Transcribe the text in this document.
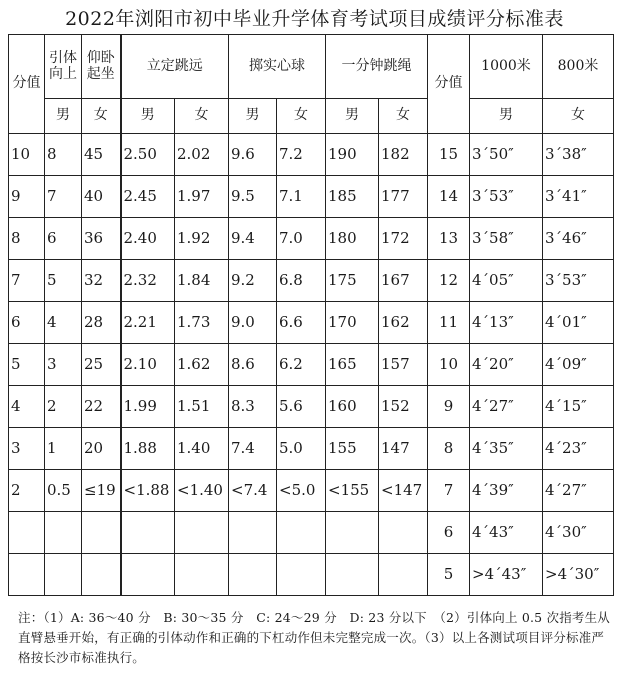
2022年浏阳市初中毕业升学体育考试项目成绩评分标准表
分值	引体向上	仰卧起坐	立定跳远		掷实心球		一分钟跳绳		分值	1000米	800米
	男	女	男	女	男	女	男	女		男	女
10	8	45	2.50	2.02	9.6	7.2	190	182	15	3´50″	3´38″
9	7	40	2.45	1.97	9.5	7.1	185	177	14	3´53″	3´41″
8	6	36	2.40	1.92	9.4	7.0	180	172	13	3´58″	3´46″
7	5	32	2.32	1.84	9.2	6.8	175	167	12	4´05″	3´53″
6	4	28	2.21	1.73	9.0	6.6	170	162	11	4´13″	4´01″
5	3	25	2.10	1.62	8.6	6.2	165	157	10	4´20″	4´09″
4	2	22	1.99	1.51	8.3	5.6	160	152	9	4´27″	4´15″
3	1	20	1.88	1.40	7.4	5.0	155	147	8	4´35″	4´23″
2	0.5	≤19	<1.88	<1.40	<7.4	<5.0	<155	<147	7	4´39″	4´27″
									6	4´43″	4´30″
									5	>4´43″	>4´30″
注：（1）A: 36～40 分　B: 30～35 分　C: 24～29 分　D: 23 分以下　（2）引体向上 0.5 次指考生从直臂悬垂开始，有正确的引体动作和正确的下杠动作但未完整完成一次。（3）以上各测试项目评分标准严格按长沙市标准执行。
